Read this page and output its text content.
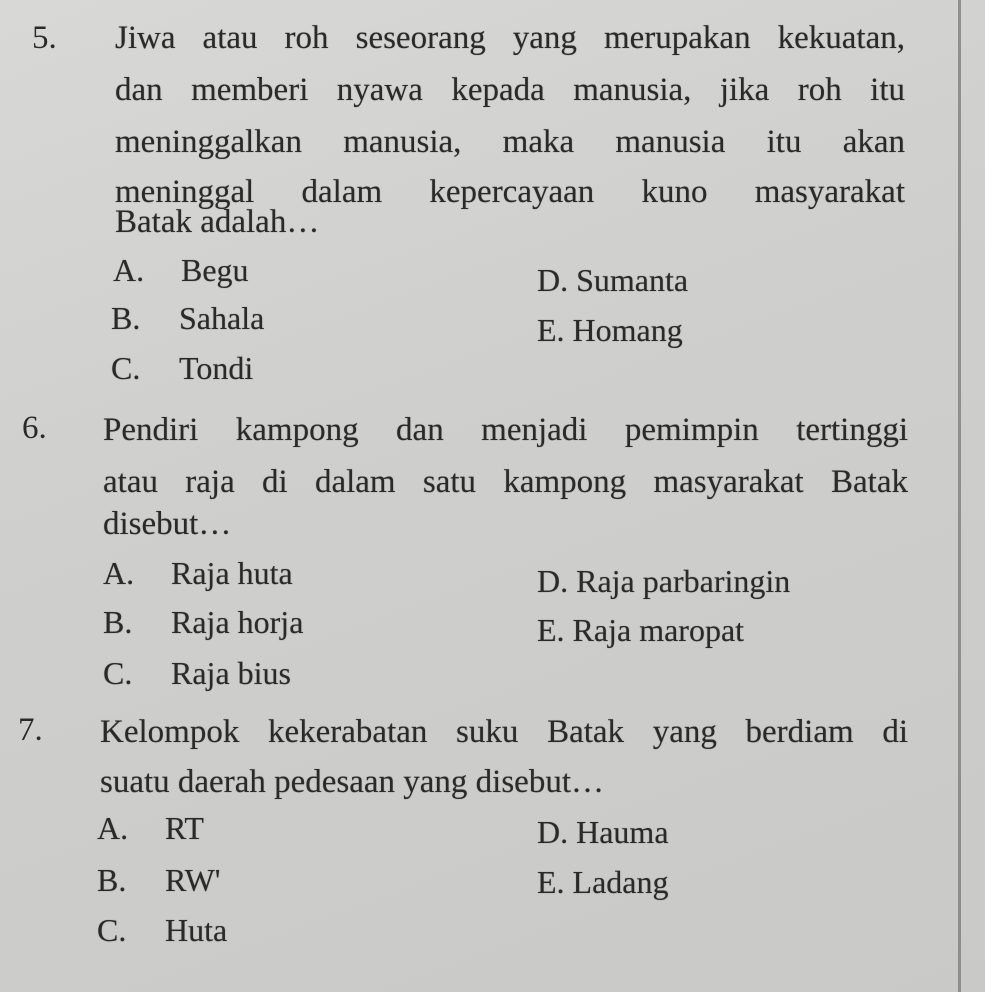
5. Jiwa atau roh seseorang yang merupakan kekuatan,
dan memberi nyawa kepada manusia, jika roh itu
meninggalkan manusia, maka manusia itu akan
meninggal dalam kepercayaan kuno masyarakat
Batak adalah…
A. Begu
B. Sahala
C. Tondi
D. Sumanta
E. Homang
6. Pendiri kampong dan menjadi pemimpin tertinggi
atau raja di dalam satu kampong masyarakat Batak
disebut…
A. Raja huta
B. Raja horja
C. Raja bius
D. Raja parbaringin
E. Raja maropat
7. Kelompok kekerabatan suku Batak yang berdiam di
suatu daerah pedesaan yang disebut…
A. RT
B. RW'
C. Huta
D. Hauma
E. Ladang
